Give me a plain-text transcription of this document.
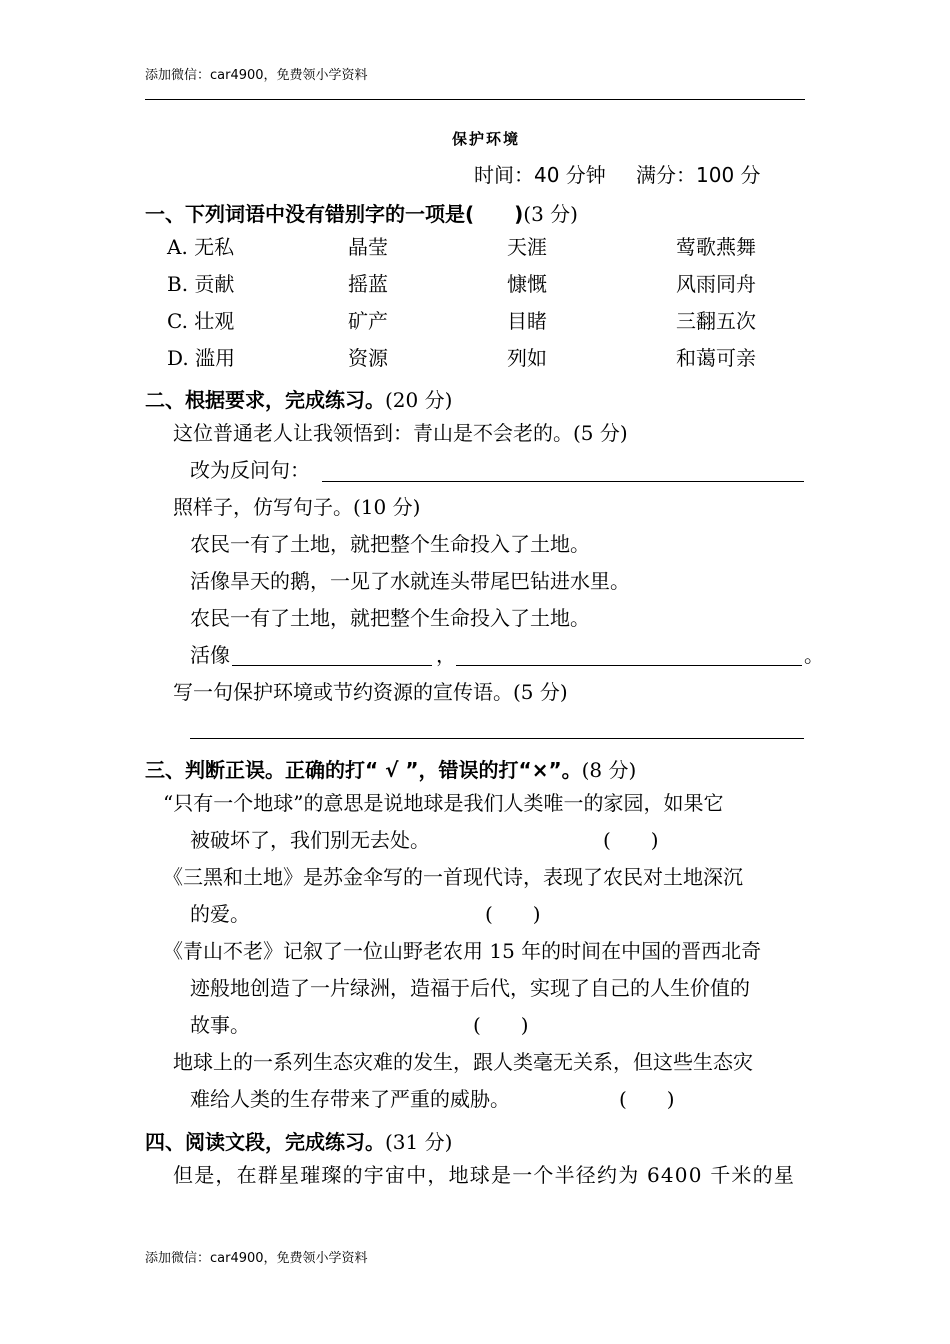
添加微信：car4900，免费领小学资料
保护环境
时间：40 分钟 满分：100 分
一、下列词语中没有错别字的一项是(　　)(3 分)
A. 无私	晶莹	天涯	莺歌燕舞
B. 贡献	摇蓝	慷慨	风雨同舟
C. 壮观	矿产	目睹	三翻五次
D. 滥用	资源	列如	和蔼可亲
二、根据要求，完成练习。(20 分)
这位普通老人让我领悟到：青山是不会老的。(5 分)
改为反问句：
照样子，仿写句子。(10 分)
农民一有了土地，就把整个生命投入了土地。
活像旱天的鹅，一见了水就连头带尾巴钻进水里。
农民一有了土地，就把整个生命投入了土地。
活像	，	。
写一句保护环境或节约资源的宣传语。(5 分)
三、判断正误。正确的打“ √ ”，错误的打“×”。(8 分)
“只有一个地球”的意思是说地球是我们人类唯一的家园，如果它
被破坏了，我们别无去处。	(　　)
《三黑和土地》是苏金伞写的一首现代诗，表现了农民对土地深沉
的爱。	(　　)
《青山不老》记叙了一位山野老农用 15 年的时间在中国的晋西北奇
迹般地创造了一片绿洲，造福于后代，实现了自己的人生价值的
故事。	(　　)
地球上的一系列生态灾难的发生，跟人类毫无关系，但这些生态灾
难给人类的生存带来了严重的威胁。	(　　)
四、阅读文段，完成练习。(31 分)
但是，在群星璀璨的宇宙中，地球是一个半径约为 6400 千米的星
添加微信：car4900，免费领小学资料
